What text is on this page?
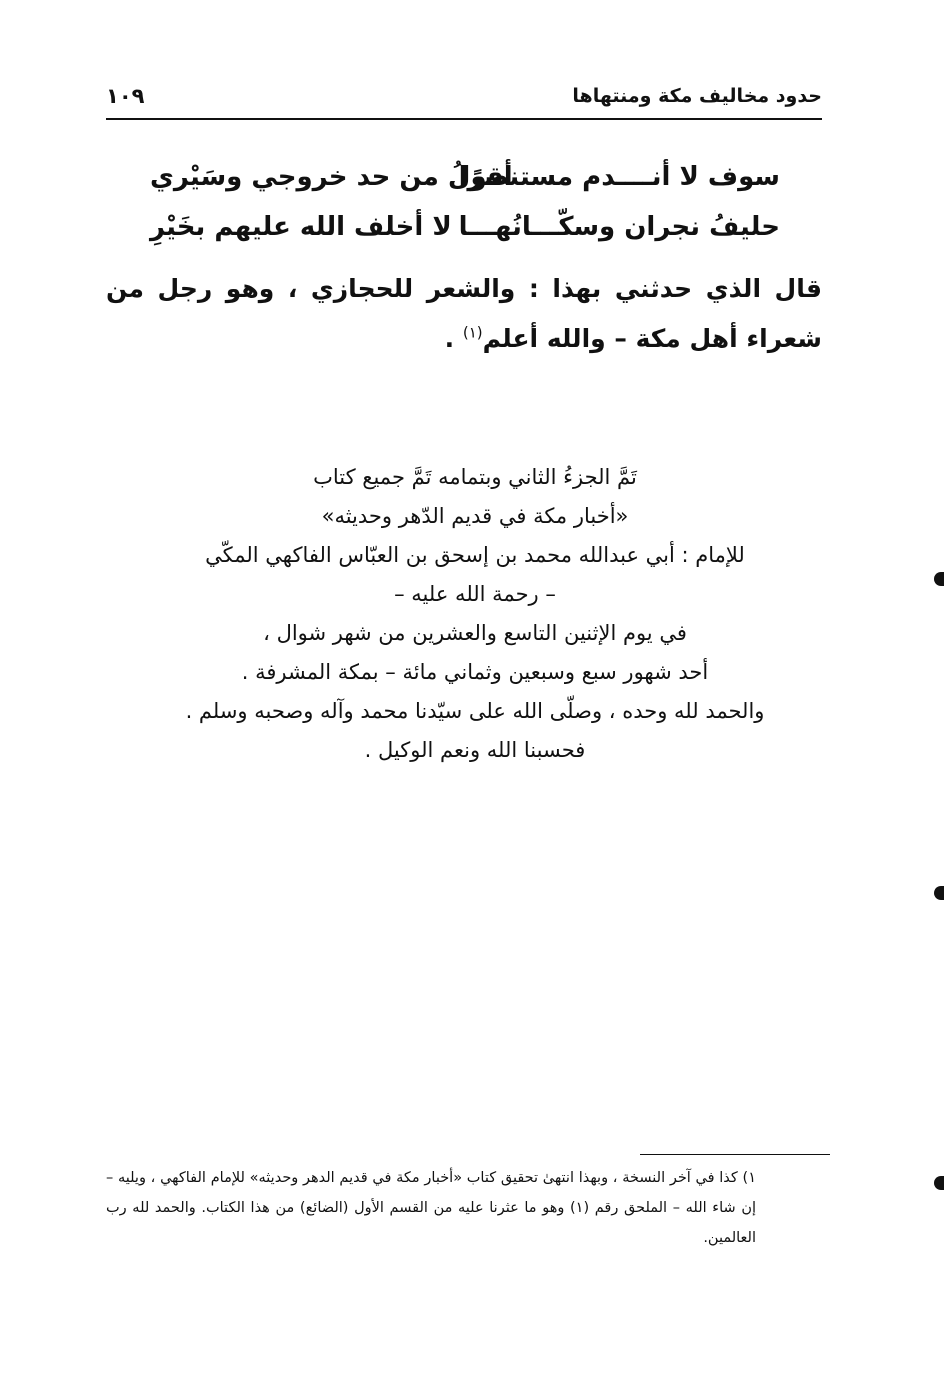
حدود مخاليف مكة ومنتهاها
١٠٩
سوف لا أنــــدم مستنصرًا
أقولُ من حد خروجي وسَيْري
حليفُ نجران وسكّـــانُهـــا
لا أخلف الله عليهم بخَيْرِ
قال الذي حدثني بهذا : والشعر للحجازي ، وهو رجل من شعراء أهل مكة – والله أعلم$^{(١)}$ .
تَمَّ الجزءُ الثاني وبتمامه تَمَّ جميع كتاب
«أخبار مكة في قديم الدّهر وحديثه»
للإمام : أبي عبدالله محمد بن إسحق بن العبّاس الفاكهي المكّي
– رحمة الله عليه –
في يوم الإثنين التاسع والعشرين من شهر شوال ،
أحد شهور سبع وسبعين وثماني مائة – بمكة المشرفة .
والحمد لله وحده ، وصلّى الله على سيّدنا محمد وآله وصحبه وسلم .
فحسبنا الله ونعم الوكيل .
١) كذا في آخر النسخة ، وبهذا انتهىٰ تحقيق كتاب «أخبار مكة في قديم الدهر وحديثه» للإمام الفاكهي ، ويليه – إن شاء الله – الملحق رقم (١) وهو ما عثرنا عليه من القسم الأول (الضائع) من هذا الكتاب. والحمد لله رب العالمين.
